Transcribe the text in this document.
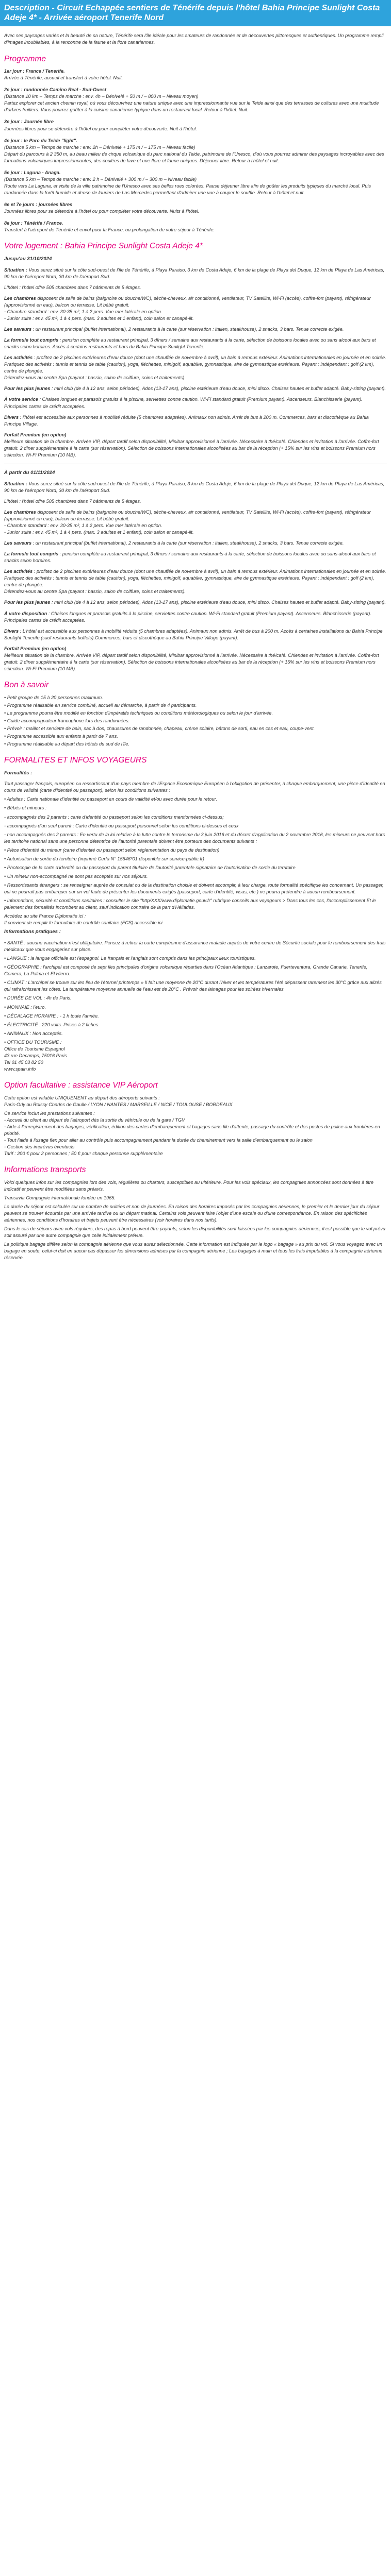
Description - Circuit Echappée sentiers de Ténérife depuis l'hôtel Bahia Principe Sunlight Costa Adeje 4* - Arrivée aéroport Tenerife Nord

Avec ses paysages variés et la beauté de sa nature, Ténérife sera l'île idéale pour les amateurs de randonnée et de découvertes pittoresques et authentiques. Un programme rempli d'images inoubliables, à la rencontre de la faune et la flore canariennes.

Programme
1er jour : France / Tenerife.
Arrivée à Ténérife, accueil et transfert à votre hôtel. Nuit.
2e jour : randonnée Camino Real - Sud-Ouest
(Distance 10 km – Temps de marche : env. 4h – Dénivelé + 50 m / – 800 m – Niveau moyen)
Partez explorer cet ancien chemin royal, où vous découvrirez une nature unique avec une impressionnante vue sur le Teide ainsi que des terrasses de cultures avec une multitude d'arbres fruitiers. Vous pourrez goûter à la cuisine canarienne typique dans un restaurant local. Retour à l'hôtel. Nuit.
3e jour : Journée libre
Journées libres pour se détendre à l'hôtel ou pour compléter votre découverte. Nuit à l'hôtel.
4e jour : le Parc du Teide "light".
(Distance 5 km – Temps de marche : env. 2h – Dénivelé + 175 m / – 175 m – Niveau facile)
Départ du parcours à 2 350 m, au beau milieu de cirque volcanique du parc national du Teide, patrimoine de l'Unesco, d'où vous pourrez admirer des paysages incroyables avec des formations volcaniques impressionnantes, des coulées de lave et une flore et faune uniques. Déjeuner libre. Retour à l'hôtel et nuit.
5e jour : Laguna - Anaga.
(Distance 5 km – Temps de marche : env. 2 h – Dénivelé + 300 m / – 300 m – Niveau facile)
Route vers La Laguna, et visite de la ville patrimoine de l'Unesco avec ses belles rues colorées. Pause déjeuner libre afin de goûter les produits typiques du marché local. Puis randonnée dans la forêt humide et dense de lauriers de Las Mercedes permettant d'admirer une vue à couper le souffle. Retour à l'hôtel et nuit.
6e et 7e jours : journées libres
Journées libres pour se détendre à l'hôtel ou pour compléter votre découverte. Nuits à l'hôtel.
8e jour : Ténérife / France.
Transfert à l'aéroport de Ténérife et envol pour la France, ou prolongation de votre séjour à Ténérife.
Votre logement : Bahia Principe Sunlight Costa Adeje 4*

Jusqu'au 31/10/2024

Situation : Vous serez situé sur la côte sud-ouest de l'île de Ténérife, à Playa Paraiso, 3 km de Costa Adeje, 6 km de la plage de Playa del Duque, 12 km de Playa de Las Américas, 90 km de l'aéroport Nord, 30 km de l'aéroport Sud.

L'hôtel : l'hôtel offre 505 chambres dans 7 bâtiments de 5 étages.

Les chambres disposent de salle de bains (baignoire ou douche/WC), sèche-cheveux, air conditionné, ventilateur, TV Satellite, Wi-Fi (accès), coffre-fort (payant), réfrigérateur (approvisionné en eau), balcon ou terrasse. Lit bébé gratuit.
- Chambre standard : env. 30-35 m², 1 à 2 pers. Vue mer latérale en option.
- Junior suite : env. 45 m², 1 à 4 pers. (max. 3 adultes et 1 enfant), coin salon et canapé-lit.

Les saveurs : un restaurant principal (buffet international), 2 restaurants à la carte (sur réservation : italien, steakhouse), 2 snacks, 3 bars. Tenue correcte exigée.

La formule tout compris : pension complète au restaurant principal, 3 dîners / semaine aux restaurants à la carte, sélection de boissons locales avec ou sans alcool aux bars et snacks selon horaires. Accès à certains restaurants et bars du Bahia Principe Sunlight Tenerife.

Les activités : profitez de 2 piscines extérieures d'eau douce (dont une chauffée de novembre à avril), un bain à remous extérieur. Animations internationales en journée et en soirée.
Pratiquez des activités : tennis et tennis de table (caution), yoga, fléchettes, minigolf, aquabike, gymnastique, aire de gymnastique extérieure. Payant : indépendant : golf (2 km), centre de plongée.
Détendez-vous au centre Spa (payant : bassin, salon de coiffure, soins et traitements).

Pour les plus jeunes : mini club (de 4 à 12 ans, selon périodes), Ados (13-17 ans), piscine extérieure d'eau douce, mini disco. Chaises hautes et buffet adapté. Baby-sitting (payant).

À votre service : Chaises longues et parasols gratuits à la piscine, serviettes contre caution. Wi-Fi standard gratuit (Premium payant). Ascenseurs. Blanchisserie (payant). Principales cartes de crédit acceptées.

Divers : l'hôtel est accessible aux personnes à mobilité réduite (5 chambres adaptées). Animaux non admis. Arrêt de bus à 200 m. Commerces, bars et discothèque au Bahia Principe Village.

Forfait Premium (en option)
Meilleure situation de la chambre, Arrivée VIP, départ tardif selon disponibilité, Minibar approvisionné à l'arrivée. Nécessaire à thé/café. Chiendes et invitation à l'arrivée. Coffre-fort gratuit. 2 dîner supplémentaire à la carte (sur réservation). Sélection de boissons internationales alcoolisées au bar de la réception (+ 15% sur les vins et boissons Premium hors sélection. Wi-Fi Premium (10 MB).

À partir du 01/11/2024

Situation : Vous serez situé sur la côte sud-ouest de l'île de Ténérife, à Playa Paraiso, 3 km de Costa Adeje, 6 km de la plage de Playa del Duque, 12 km de Playa de Las Américas, 90 km de l'aéroport Nord, 30 km de l'aéroport Sud.

L'hôtel : l'hôtel offre 505 chambres dans 7 bâtiments de 5 étages.

Les chambres disposent de salle de bains (baignoire ou douche/WC), sèche-cheveux, air conditionné, ventilateur, TV Satellite, Wi-Fi (accès), coffre-fort (payant), réfrigérateur (approvisionné en eau), balcon ou terrasse. Lit bébé gratuit.
- Chambre standard : env. 30-35 m², 1 à 2 pers. Vue mer latérale en option.
- Junior suite : env. 45 m², 1 à 4 pers. (max. 3 adultes et 1 enfant), coin salon et canapé-lit.

Les saveurs : un restaurant principal (buffet international), 2 restaurants à la carte (sur réservation : italien, steakhouse), 2 snacks, 3 bars. Tenue correcte exigée.

La formule tout compris : pension complète au restaurant principal, 3 dîners / semaine aux restaurants à la carte, sélection de boissons locales avec ou sans alcool aux bars et snacks selon horaires.

Les activités : profitez de 2 piscines extérieures d'eau douce (dont une chauffée de novembre à avril), un bain à remous extérieur. Animations internationales en journée et en soirée.
Pratiquez des activités : tennis et tennis de table (caution), yoga, fléchettes, minigolf, aquabike, gymnastique, aire de gymnastique extérieure. Payant : indépendant : golf (2 km), centre de plongée.
Détendez-vous au centre Spa (payant : bassin, salon de coiffure, soins et traitements).

Pour les plus jeunes : mini club (de 4 à 12 ans, selon périodes), Ados (13-17 ans), piscine extérieure d'eau douce, mini disco. Chaises hautes et buffet adapté. Baby-sitting (payant).

À votre disposition : Chaises longues et parasols gratuits à la piscine, serviettes contre caution. Wi-Fi standard gratuit (Premium payant). Ascenseurs. Blanchisserie (payant). Principales cartes de crédit acceptées.

Divers : L'hôtel est accessible aux personnes à mobilité réduite (5 chambres adaptées). Animaux non admis. Arrêt de bus à 200 m. Accès à certaines installations du Bahia Principe Sunlight Tenerife (sauf restaurants buffets).Commerces, bars et discothèque au Bahia Principe Village (payant).

Forfait Premium (en option)
Meilleure situation de la chambre, Arrivée VIP, départ tardif selon disponibilité, Minibar approvisionné à l'arrivée. Nécessaire à thé/café. Chiendes et invitation à l'arrivée. Coffre-fort gratuit. 2 dîner supplémentaire à la carte (sur réservation). Sélection de boissons internationales alcoolisées au bar de la réception (+ 15% sur les vins et boissons Premium hors sélection. Wi-Fi Premium (10 MB).

Bon à savoir
• Petit groupe de 15 à 20 personnes maximum.
• Programme réalisable en service combiné, accueil au démarche, à partir de 4 participants.
• Le programme pourra être modifié en fonction d'impératifs techniques ou conditions météorologiques ou selon le jour d'arrivée.
• Guide accompagnateur francophone lors des randonnées.
• Prévoir : maillot et serviette de bain, sac à dos, chaussures de randonnée, chapeau, crème solaire, bâtons de sorti, eau en cas et eau, coupe-vent.
• Programme accessible aux enfants à partir de 7 ans.
• Programme réalisable au départ des hôtels du sud de l'île.
FORMALITES ET INFOS VOYAGEURS

Formalités :

Tout passager français, européen ou ressortissant d'un pays membre de l'Espace Economique Européen à l'obligation de présenter, à chaque embarquement, une pièce d'identité en cours de validité (carte d'identité ou passeport), selon les conditions suivantes :

• Adultes : Carte nationale d'identité ou passeport en cours de validité et/ou avec durée pour le retour.

• Bébés et mineurs :

- accompagnés des 2 parents : carte d'identité ou passeport selon les conditions mentionnées ci-dessus;

- accompagnés d'un seul parent : Carte d'identité ou passeport personnel selon les conditions ci-dessus et ceux

- non accompagnés des 2 parents : En vertu de la loi relative à la lutte contre le terrorisme du 3 juin 2016 et du décret d'application du 2 novembre 2016, les mineurs ne peuvent hors les territoire national sans une personne détentrice de l'autorité parentale doivent être porteurs des documents suivants :

• Pièce d'identité du mineur (carte d'identité ou passeport selon réglementation du pays de destination)

• Autorisation de sortie du territoire (imprimé Cerfa N° 15646*01 disponible sur service-public.fr)

• Photocopie de la carte d'identité ou du passeport du parent titulaire de l'autorité parentale signataire de l'autorisation de sortie du territoire

• Un mineur non-accompagné ne sont pas acceptés sur nos séjours.

• Ressortissants étrangers : se renseigner auprès de consulat ou de la destination choisie et doivent accomplir, à leur charge, toute formalité spécifique les concernant. Un passager, qui ne pourrait pas embarquer sur un vol faute de présenter les documents exigés (passeport, carte d'identité, visas, etc.) ne pourra prétendre à aucun remboursement.

• Informations, sécurité et conditions sanitaires : consulter le site "http/XXX/www.diplomatie.gouv.fr" rubrique conseils aux voyageurs > Dans tous les cas, l'accomplissement Et le paiement des formalités incombent au client, sauf indication contraire de la part d'Héliades.

Accédez au site France Diplomatie ici :
Il convient de remplir le formulaire de contrôle sanitaire (FCS) accessible ici

Informations pratiques :

• SANTÉ : aucune vaccination n'est obligatoire. Pensez à retirer la carte européenne d'assurance maladie auprès de votre centre de Sécurité sociale pour le remboursement des frais médicaux que vous engageriez sur place.

• LANGUE : la langue officielle est l'espagnol. Le français et l'anglais sont compris dans les principaux lieux touristiques.

• GÉOGRAPHIE : l'archipel est composé de sept îles principales d'origine volcanique réparties dans l'Océan Atlantique : Lanzarote, Fuerteventura, Grande Canarie, Tenerife, Gomera, La Palma et El Hierro.

• CLIMAT : L'archipel se trouve sur les lieu de l'éternel printemps » Il fait une moyenne de 20°C durant l'hiver et les températures l'été dépassent rarement les 30°C grâce aux alizés qui rafraîchissent les côtes. La température moyenne annuelle de l'eau est de 20°C . Prévoir des lainages pour les soirées hivernales.

• DURÉE DE VOL : 4h de Paris.

• MONNAIE : l'euro.

• DÉCALAGE HORAIRE : - 1 h toute l'année.

• ÉLECTRICITÉ : 220 volts. Prises à 2 fiches.

• ANIMAUX : Non acceptés.

• OFFICE DU TOURISME :
Office de Tourisme Espagnol
43 rue Decamps, 75016 Paris
Tel 01 45 03 82 50
www.spain.info

Option facultative : assistance VIP Aéroport

Cette option est valable UNIQUEMENT au départ des aéroports suivants :
Paris-Orly ou Roissy Charles de Gaulle / LYON / NANTES / MARSEILLE / NICE / TOULOUSE / BORDEAUX

Ce service inclut les prestations suivantes :
- Accueil du client au départ de l'aéroport dès la sortie du véhicule ou de la gare / TGV
- Aide à l'enregistrement des bagages, vérification, édition des cartes d'embarquement et bagages sans file d'attente, passage du contrôle et des postes de police aux frontières en priorité.
- Tout l'aide à l'usage flex pour aller au contrôle puis accompagnement pendant la durée du cheminement vers la salle d'embarquement ou le salon
- Gestion des imprévus éventuels
Tarif : 200 € pour 2 personnes ; 50 € pour chaque personne supplémentaire

Informations transports

Voici quelques infos sur les compagnies lors des vols, régulières ou charters, susceptibles au ultérieure. Pour les vols spéciaux, les compagnies annoncées sont données à titre indicatif et peuvent être modifiées sans préavis.

Transavia Compagnie internationale fondée en 1965.

La durée du séjour est calculée sur un nombre de nuitées et non de journées. En raison des horaires imposés par les compagnies aériennes, le premier et le dernier jour du séjour peuvent se trouver écourtés par une arrivée tardive ou un départ matinal. Certains vols peuvent faire l'objet d'une escale ou d'une correspondance. En raison des spécificités aériennes, nos conditions d'horaires et trajets peuvent être nécessaires (voir horaires dans nos tarifs).

Dans le cas de séjours avec vols réguliers, des repas à bord peuvent être payants, selon les disponibilités sont laissées par les compagnies aériennes, il est possible que le vol prévu soit assuré par une autre compagnie que celle initialement prévue.

La politique bagage diffère selon la compagnie aérienne que vous aurez sélectionnée. Cette information est indiquée par le logo « bagage » au prix du vol. Si vous voyagez avec un bagage en soute, celui-ci doit en aucun cas dépasser les dimensions admises par la compagnie aérienne ; Les bagages à main et tous les frais imputables à la compagnie aérienne réservée.
